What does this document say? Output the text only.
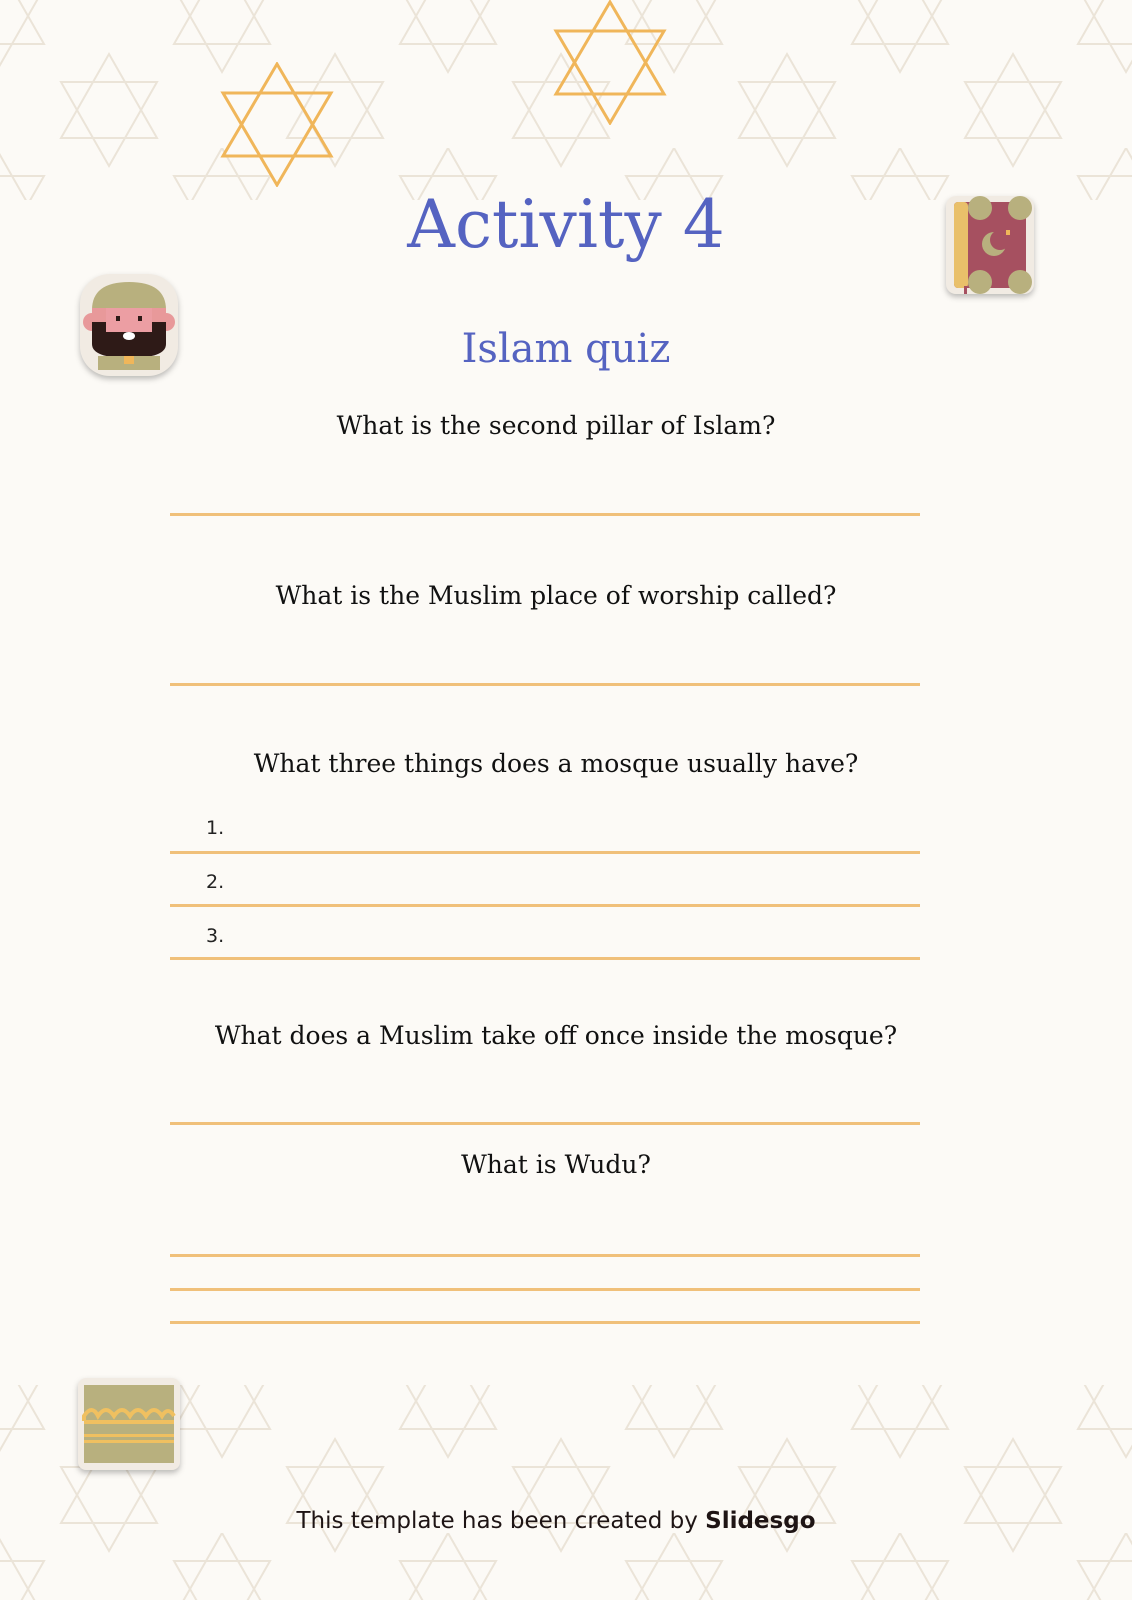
Activity 4
Islam quiz
What is the second pillar of Islam?
What is the Muslim place of worship called?
What three things does a mosque usually have?
1.
2.
3.
What does a Muslim take off once inside the mosque?
What is Wudu?
This template has been created by Slidesgo
